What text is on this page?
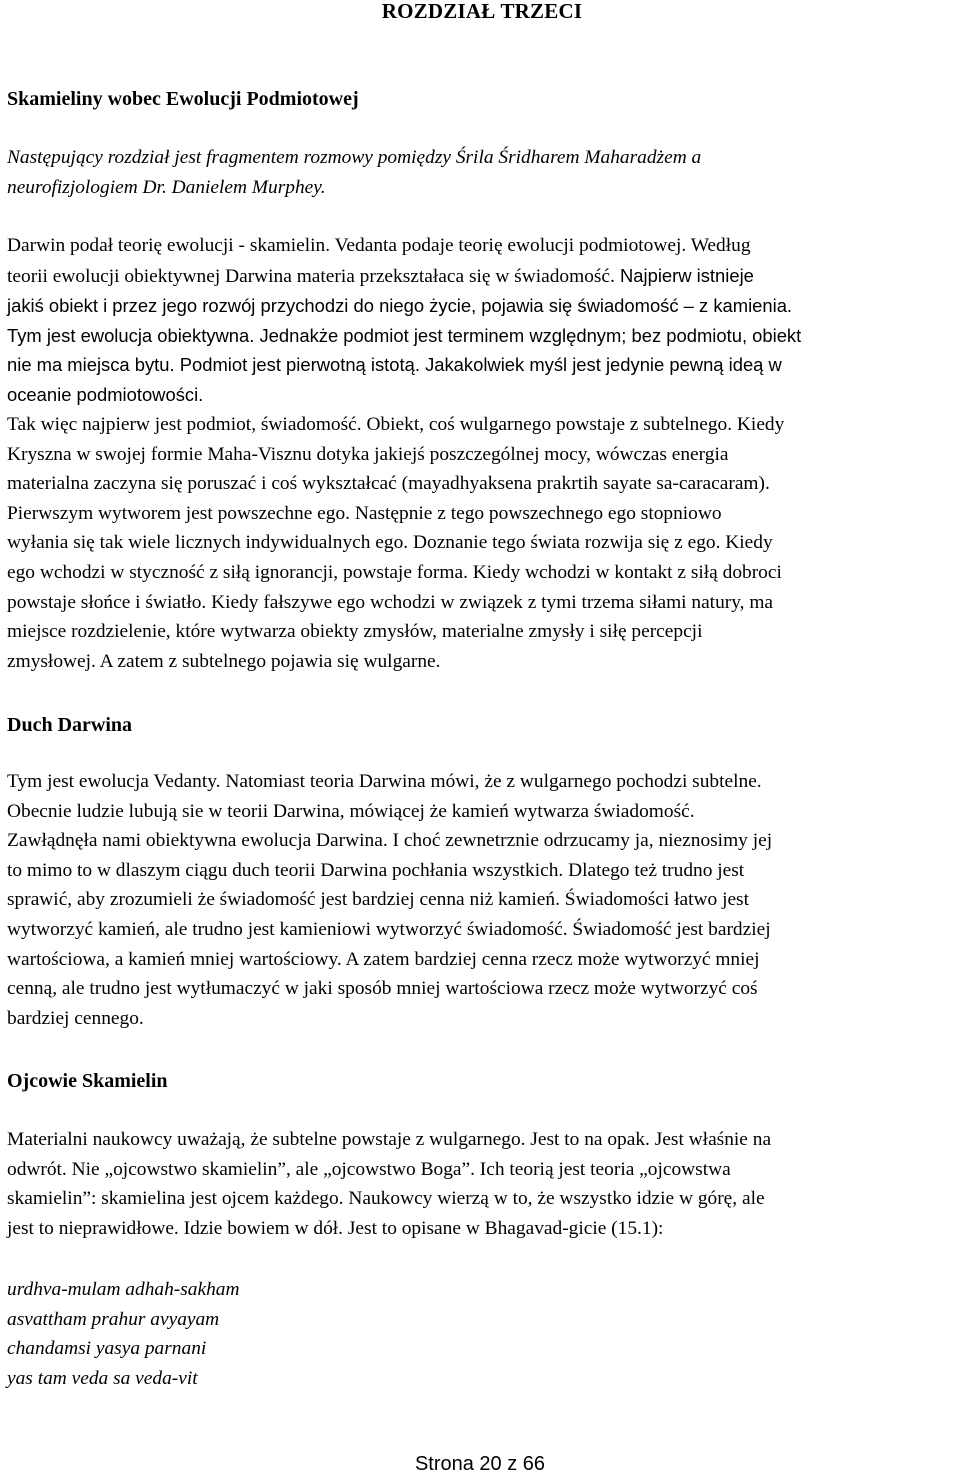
ROZDZIAŁ TRZECI
Skamieliny wobec Ewolucji Podmiotowej

Następujący rozdział jest fragmentem rozmowy pomiędzy Śrila Śridharem Maharadżem a
neurofizjologiem Dr. Danielem Murphey.

Darwin podał teorię ewolucji - skamielin. Vedanta podaje teorię ewolucji podmiotowej. Według
teorii ewolucji obiektywnej Darwina materia przekształaca się w świadomość. Najpierw istnieje
jakiś obiekt i przez jego rozwój przychodzi do niego życie, pojawia się świadomość – z kamienia.
Tym jest ewolucja obiektywna. Jednakże podmiot jest terminem względnym; bez podmiotu, obiekt
nie ma miejsca bytu. Podmiot jest pierwotną istotą. Jakakolwiek myśl jest jedynie pewną ideą w
oceanie podmiotowości.

Tak więc najpierw jest podmiot, świadomość. Obiekt, coś wulgarnego powstaje z subtelnego. Kiedy
Kryszna w swojej formie Maha-Visznu dotyka jakiejś poszczególnej mocy, wówczas energia
materialna zaczyna się poruszać i coś wykształcać (mayadhyaksena prakrtih sayate sa-caracaram).
Pierwszym wytworem jest powszechne ego. Następnie z tego powszechnego ego stopniowo
wyłania się tak wiele licznych indywidualnych ego. Doznanie tego świata rozwija się z ego. Kiedy
ego wchodzi w styczność z siłą ignorancji, powstaje forma. Kiedy wchodzi w kontakt z siłą dobroci
powstaje słońce i światło. Kiedy fałszywe ego wchodzi w związek z tymi trzema siłami natury, ma
miejsce rozdzielenie, które wytwarza obiekty zmysłów, materialne zmysły i siłę percepcji
zmysłowej. A zatem z subtelnego pojawia się wulgarne.

Duch Darwina

Tym jest ewolucja Vedanty. Natomiast teoria Darwina mówi, że z wulgarnego pochodzi subtelne.
Obecnie ludzie lubują sie w teorii Darwina, mówiącej że kamień wytwarza świadomość.
Zawłądnęła nami obiektywna ewolucja Darwina. I choć zewnetrznie odrzucamy ja, nieznosimy jej
to mimo to w dlaszym ciągu duch teorii Darwina pochłania wszystkich. Dlatego też trudno jest
sprawić, aby zrozumieli że świadomość jest bardziej cenna niż kamień. Świadomości łatwo jest
wytworzyć kamień, ale trudno jest kamieniowi wytworzyć świadomość. Świadomość jest bardziej
wartościowa, a kamień mniej wartościowy. A zatem bardziej cenna rzecz może wytworzyć mniej
cenną, ale trudno jest wytłumaczyć w jaki sposób mniej wartościowa rzecz może wytworzyć coś
bardziej cennego.

Ojcowie Skamielin

Materialni naukowcy uważają, że subtelne powstaje z wulgarnego. Jest to na opak. Jest właśnie na
odwrót. Nie „ojcowstwo skamielin”, ale „ojcowstwo Boga”. Ich teorią jest teoria „ojcowstwa
skamielin”: skamielina jest ojcem każdego. Naukowcy wierzą w to, że wszystko idzie w górę, ale
jest to nieprawidłowe. Idzie bowiem w dół. Jest to opisane w Bhagavad-gicie (15.1):

urdhva-mulam adhah-sakham
asvattham prahur avyayam
chandamsi yasya parnani
yas tam veda sa veda-vit

Strona 20 z 66
